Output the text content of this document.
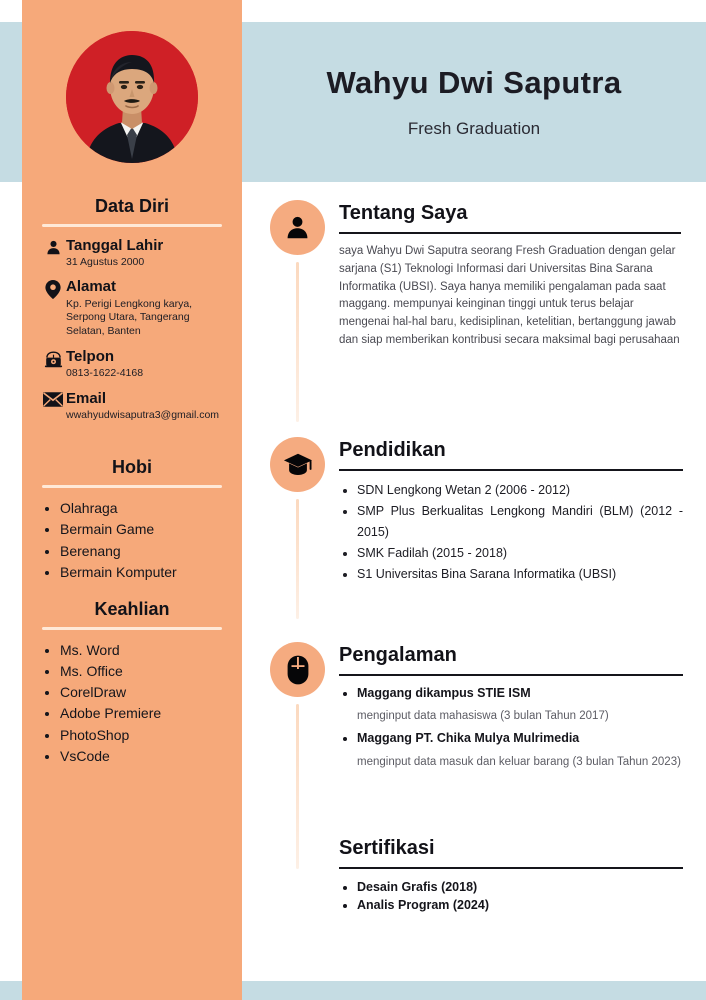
Wahyu Dwi Saputra
Fresh Graduation
Data Diri

Tanggal Lahir

31 Agustus 2000

Alamat

Kp. Perigi Lengkong karya, Serpong Utara, Tangerang Selatan, Banten

Telpon

0813-1622-4168

Email

wwahyudwisaputra3@gmail.com

Hobi
• Olahraga
• Bermain Game
• Berenang
• Bermain Komputer
Keahlian
• Ms. Word
• Ms. Office
• CorelDraw
• Adobe Premiere
• PhotoShop
• VsCode
Tentang Saya

saya Wahyu Dwi Saputra seorang Fresh Graduation dengan gelar sarjana (S1) Teknologi Informasi dari Universitas Bina Sarana Informatika (UBSI). Saya hanya memiliki pengalaman pada saat maggang. mempunyai keinginan tinggi untuk terus belajar mengenai hal-hal baru, kedisiplinan, ketelitian, bertanggung jawab dan siap memberikan kontribusi secara maksimal bagi perusahaan

Pendidikan
• SDN Lengkong Wetan 2 (2006 - 2012)
• SMP Plus Berkualitas Lengkong Mandiri (BLM) (2012 - 2015)
• SMK Fadilah (2015 - 2018)
• S1 Universitas Bina Sarana Informatika (UBSI)
Pengalaman
• Maggang dikampus STIE ISM

menginput data mahasiswa (3 bulan Tahun 2017)

• Maggang PT. Chika Mulya Mulrimedia

menginput data masuk dan keluar barang (3 bulan Tahun 2023)

Sertifikasi
• Desain Grafis (2018)
• Analis Program (2024)
